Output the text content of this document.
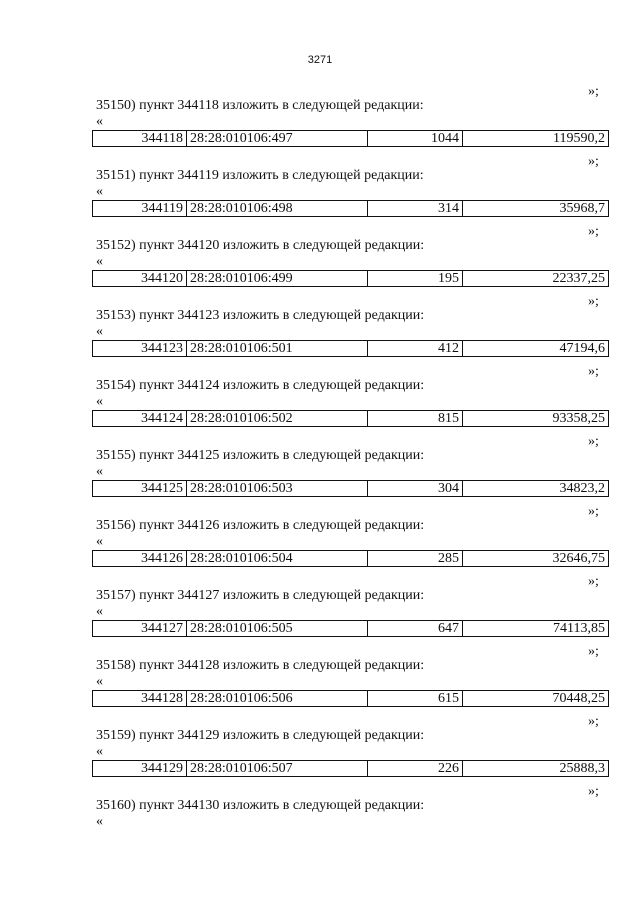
3271
»;
35150) пункт 344118 изложить в следующей редакции:
«
344118	28:28:010106:497	1044	119590,2
»;
35151) пункт 344119 изложить в следующей редакции:
«
344119	28:28:010106:498	314	35968,7
»;
35152) пункт 344120 изложить в следующей редакции:
«
344120	28:28:010106:499	195	22337,25
»;
35153) пункт 344123 изложить в следующей редакции:
«
344123	28:28:010106:501	412	47194,6
»;
35154) пункт 344124 изложить в следующей редакции:
«
344124	28:28:010106:502	815	93358,25
»;
35155) пункт 344125 изложить в следующей редакции:
«
344125	28:28:010106:503	304	34823,2
»;
35156) пункт 344126 изложить в следующей редакции:
«
344126	28:28:010106:504	285	32646,75
»;
35157) пункт 344127 изложить в следующей редакции:
«
344127	28:28:010106:505	647	74113,85
»;
35158) пункт 344128 изложить в следующей редакции:
«
344128	28:28:010106:506	615	70448,25
»;
35159) пункт 344129 изложить в следующей редакции:
«
344129	28:28:010106:507	226	25888,3
»;
35160) пункт 344130 изложить в следующей редакции:
«
